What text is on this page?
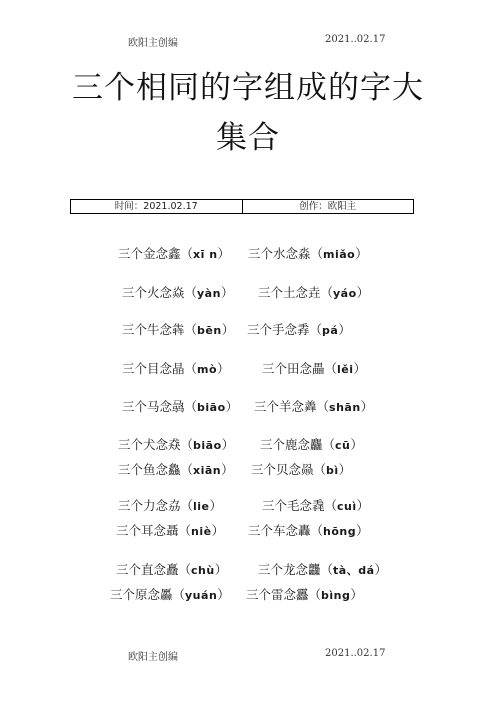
欧阳主创编	2021..02.17
三个相同的字组成的字大
集合
时间：2021.02.17	创作：欧阳主
三个金念鑫（xī n） 三个水念淼（miǎo）
三个火念焱（yàn） 三个土念垚（yáo）
三个牛念犇（bēn） 三个手念掱（pá）
三个目念晶（mò）	三个田念畾（lěi）
三个马念骉（biāo） 三个羊念羴（shān）
三个犬念猋（biāo） 三个鹿念麤（cū）
三个鱼念鱻（xiān） 三个贝念赑（bì）
三个力念劦（lie）	三个毛念毳（cuì）
三个耳念聶（niè） 三个车念轟（hōng）
三个直念矗（chù） 三个龙念龘（tà、dá）
三个原念厵（yuán） 三个雷念靐（bìng）
欧阳主创编	2021..02.17
